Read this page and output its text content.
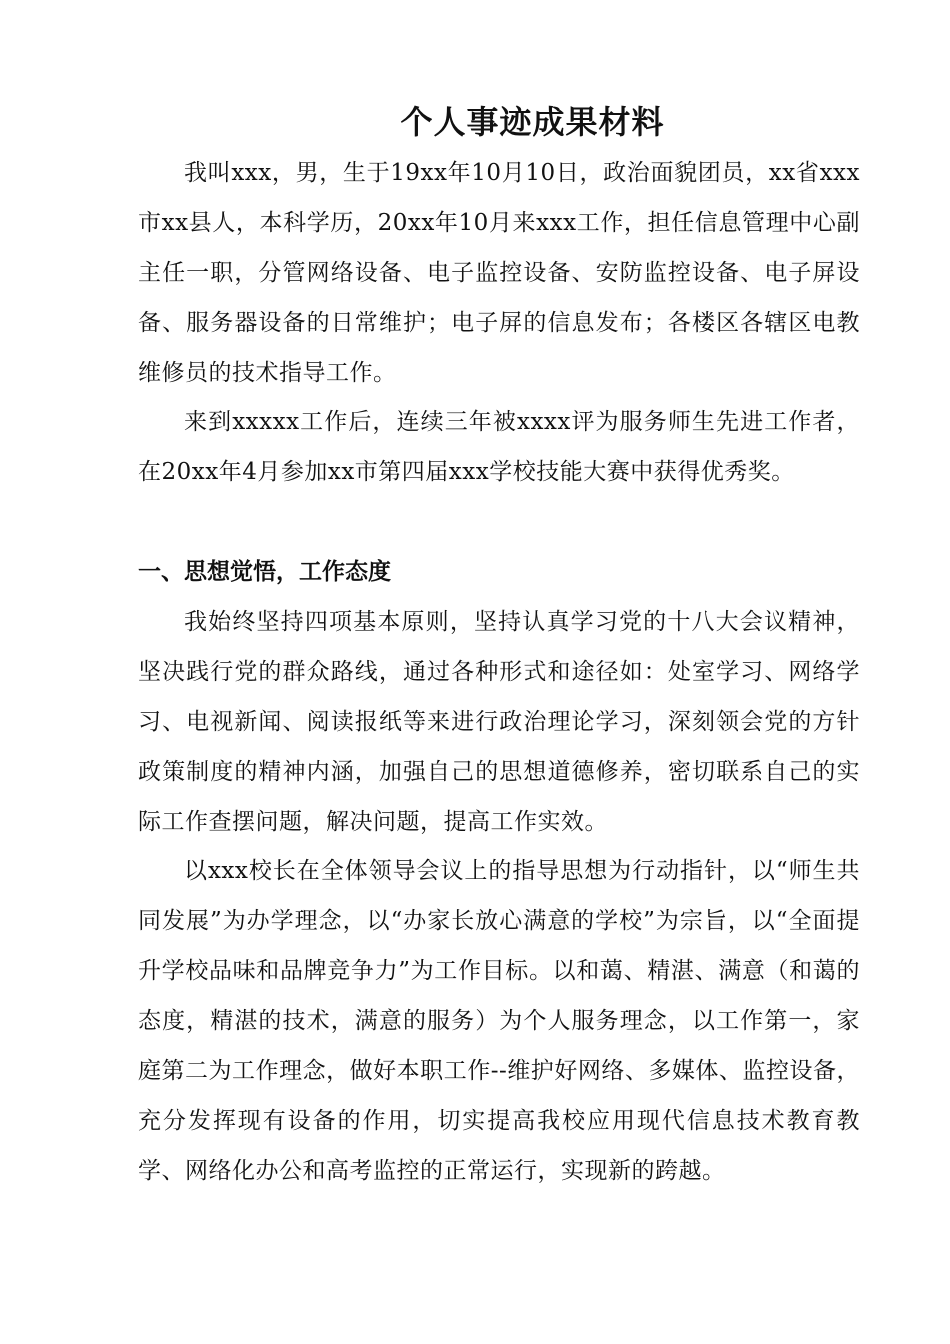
个人事迹成果材料

我叫xxx，男，生于19xx年10月10日，政治面貌团员，xx省xxx市xx县人，本科学历，20xx年10月来xxx工作，担任信息管理中心副主任一职，分管网络设备、电子监控设备、安防监控设备、电子屏设备、服务器设备的日常维护；电子屏的信息发布；各楼区各辖区电教维修员的技术指导工作。

来到xxxxx工作后，连续三年被xxxx评为服务师生先进工作者，在20xx年4月参加xx市第四届xxx学校技能大赛中获得优秀奖。

一、思想觉悟，工作态度

我始终坚持四项基本原则，坚持认真学习党的十八大会议精神，坚决践行党的群众路线，通过各种形式和途径如：处室学习、网络学习、电视新闻、阅读报纸等来进行政治理论学习，深刻领会党的方针政策制度的精神内涵，加强自己的思想道德修养，密切联系自己的实际工作查摆问题，解决问题，提高工作实效。

以xxx校长在全体领导会议上的指导思想为行动指针，以“师生共同发展”为办学理念，以“办家长放心满意的学校”为宗旨，以“全面提升学校品味和品牌竞争力”为工作目标。以和蔼、精湛、满意（和蔼的态度，精湛的技术，满意的服务）为个人服务理念，以工作第一，家庭第二为工作理念，做好本职工作--维护好网络、多媒体、监控设备，充分发挥现有设备的作用，切实提高我校应用现代信息技术教育教学、网络化办公和高考监控的正常运行，实现新的跨越。
